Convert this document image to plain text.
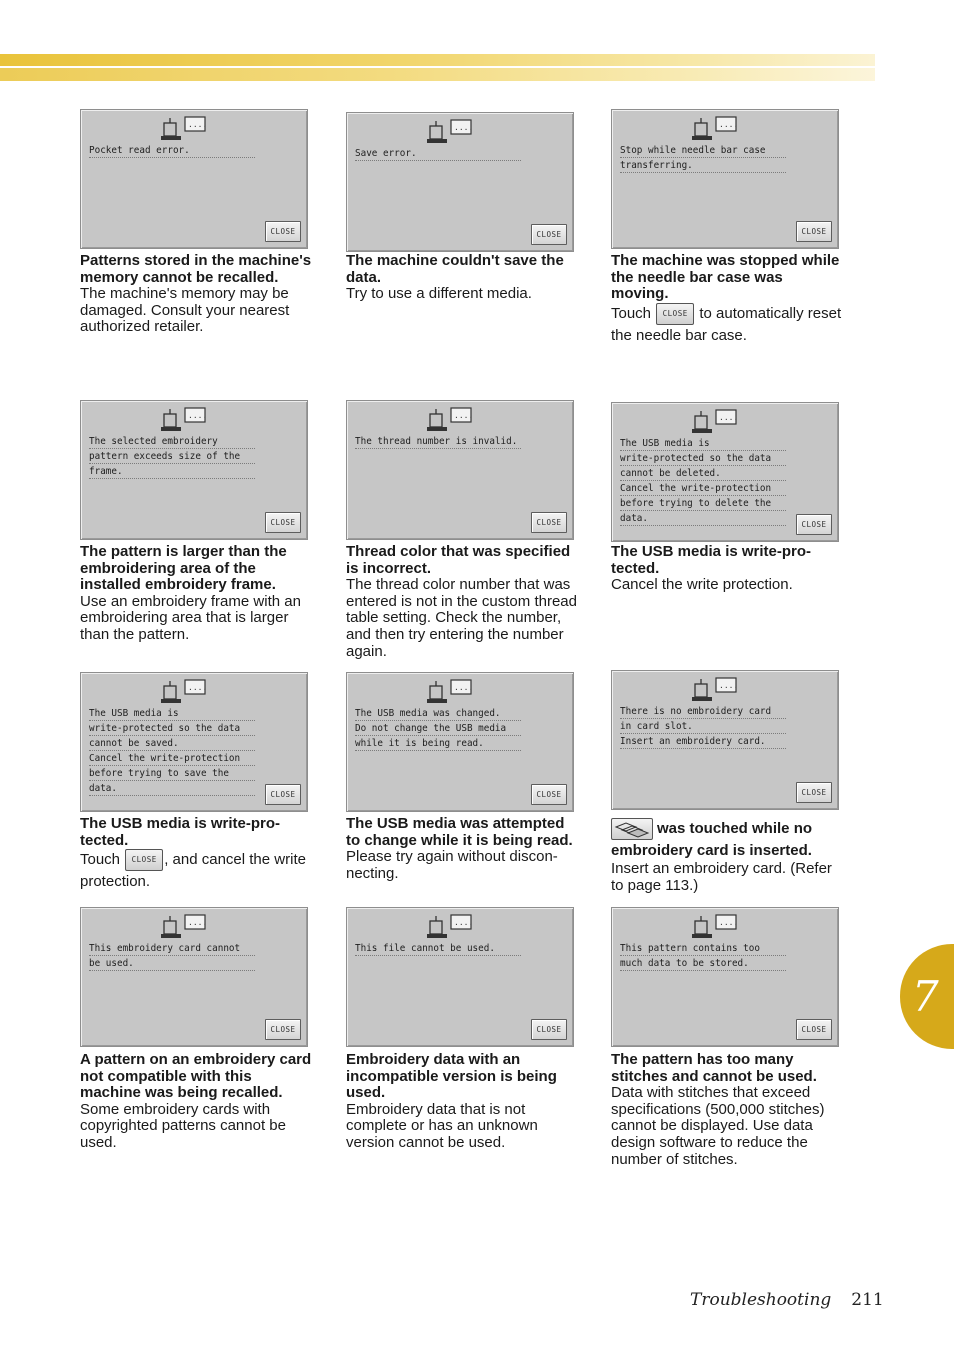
....
Pocket read error.
CLOSE
Patterns stored in the machine's memory cannot be recalled.
The machine's memory may be damaged. Consult your nearest authorized retailer.
....
Save error.
CLOSE
The machine couldn't save the data.
Try to use a different media.
....
Stop while needle bar case
transferring.
CLOSE
The machine was stopped while the needle bar case was moving.
Touch CLOSE to automatically reset the needle bar case.
....
The selected embroidery
pattern exceeds size of the
frame.
CLOSE
The pattern is larger than the embroidering area of the installed embroidery frame.
Use an embroidery frame with an embroidering area that is larger than the pattern.
....
The thread number is invalid.
CLOSE
Thread color that was specified is incorrect.
The thread color number that was entered is not in the custom thread table setting. Check the number, and then try entering the number again.
....
The USB media is
write-protected so the data
cannot be deleted.
Cancel the write-protection
before trying to delete the
data.
CLOSE
The USB media is write-pro-tected.
Cancel the write protection.
....
The USB media is
write-protected so the data
cannot be saved.
Cancel the write-protection
before trying to save the
data.
CLOSE
The USB media is write-pro-tected.
Touch CLOSE , and cancel the write protection.
....
The USB media was changed.
Do not change the USB media
while it is being read.
CLOSE
The USB media was attempted to change while it is being read.
Please try again without discon-necting.
....
There is no embroidery card
in card slot.
Insert an embroidery card.
CLOSE
was touched while no embroidery card is inserted.
Insert an embroidery card. (Refer to page 113.)
....
This embroidery card cannot
be used.
CLOSE
A pattern on an embroidery card not compatible with this machine was being recalled.
Some embroidery cards with copyrighted patterns cannot be used.
....
This file cannot be used.
CLOSE
Embroidery data with an incompatible version is being used.
Embroidery data that is not complete or has an unknown version cannot be used.
....
This pattern contains too
much data to be stored.
CLOSE
The pattern has too many stitches and cannot be used.
Data with stitches that exceed specifications (500,000 stitches) cannot be displayed. Use data design software to reduce the number of stitches.
7
Troubleshooting 211
